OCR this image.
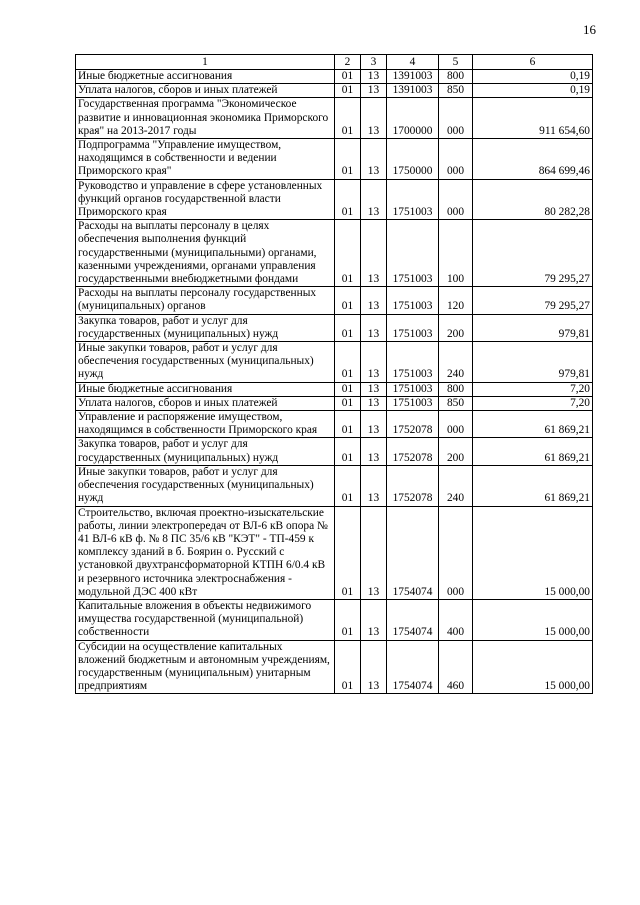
16
1	2	3	4	5	6
Иные бюджетные ассигнования	01	13	1391003	800	0,19
Уплата налогов, сборов и иных платежей	01	13	1391003	850	0,19
Государственная программа "Экономическое развитие и инновационная экономика Приморского края" на 2013-2017 годы	01	13	1700000	000	911 654,60
Подпрограмма "Управление имуществом, находящимся в собственности и ведении Приморского края"	01	13	1750000	000	864 699,46
Руководство и управление в сфере установленных функций органов государственной власти Приморского края	01	13	1751003	000	80 282,28
Расходы на выплаты персоналу в целях обеспечения выполнения функций государственными (муниципальными) органами, казенными учреждениями, органами управления государственными внебюджетными фондами	01	13	1751003	100	79 295,27
Расходы на выплаты персоналу государственных (муниципальных) органов	01	13	1751003	120	79 295,27
Закупка товаров, работ и услуг для государственных (муниципальных) нужд	01	13	1751003	200	979,81
Иные закупки товаров, работ и услуг для обеспечения государственных (муниципальных) нужд	01	13	1751003	240	979,81
Иные бюджетные ассигнования	01	13	1751003	800	7,20
Уплата налогов, сборов и иных платежей	01	13	1751003	850	7,20
Управление и распоряжение имуществом, находящимся в собственности Приморского края	01	13	1752078	000	61 869,21
Закупка товаров, работ и услуг для государственных (муниципальных) нужд	01	13	1752078	200	61 869,21
Иные закупки товаров, работ и услуг для обеспечения государственных (муниципальных) нужд	01	13	1752078	240	61 869,21
Строительство, включая проектно-изыскательские работы, линии электропередач от ВЛ-6 кВ опора № 41 ВЛ-6 кВ ф. № 8 ПС 35/6 кВ "КЭТ" - ТП-459 к комплексу зданий в б. Боярин о. Русский с установкой двухтрансформаторной КТПН 6/0.4 кВ и резервного источника электроснабжения - модульной ДЭС 400 кВт	01	13	1754074	000	15 000,00
Капитальные вложения в объекты недвижимого имущества государственной (муниципальной) собственности	01	13	1754074	400	15 000,00
Субсидии на осуществление капитальных вложений бюджетным и автономным учреждениям, государственным (муниципальным) унитарным предприятиям	01	13	1754074	460	15 000,00
